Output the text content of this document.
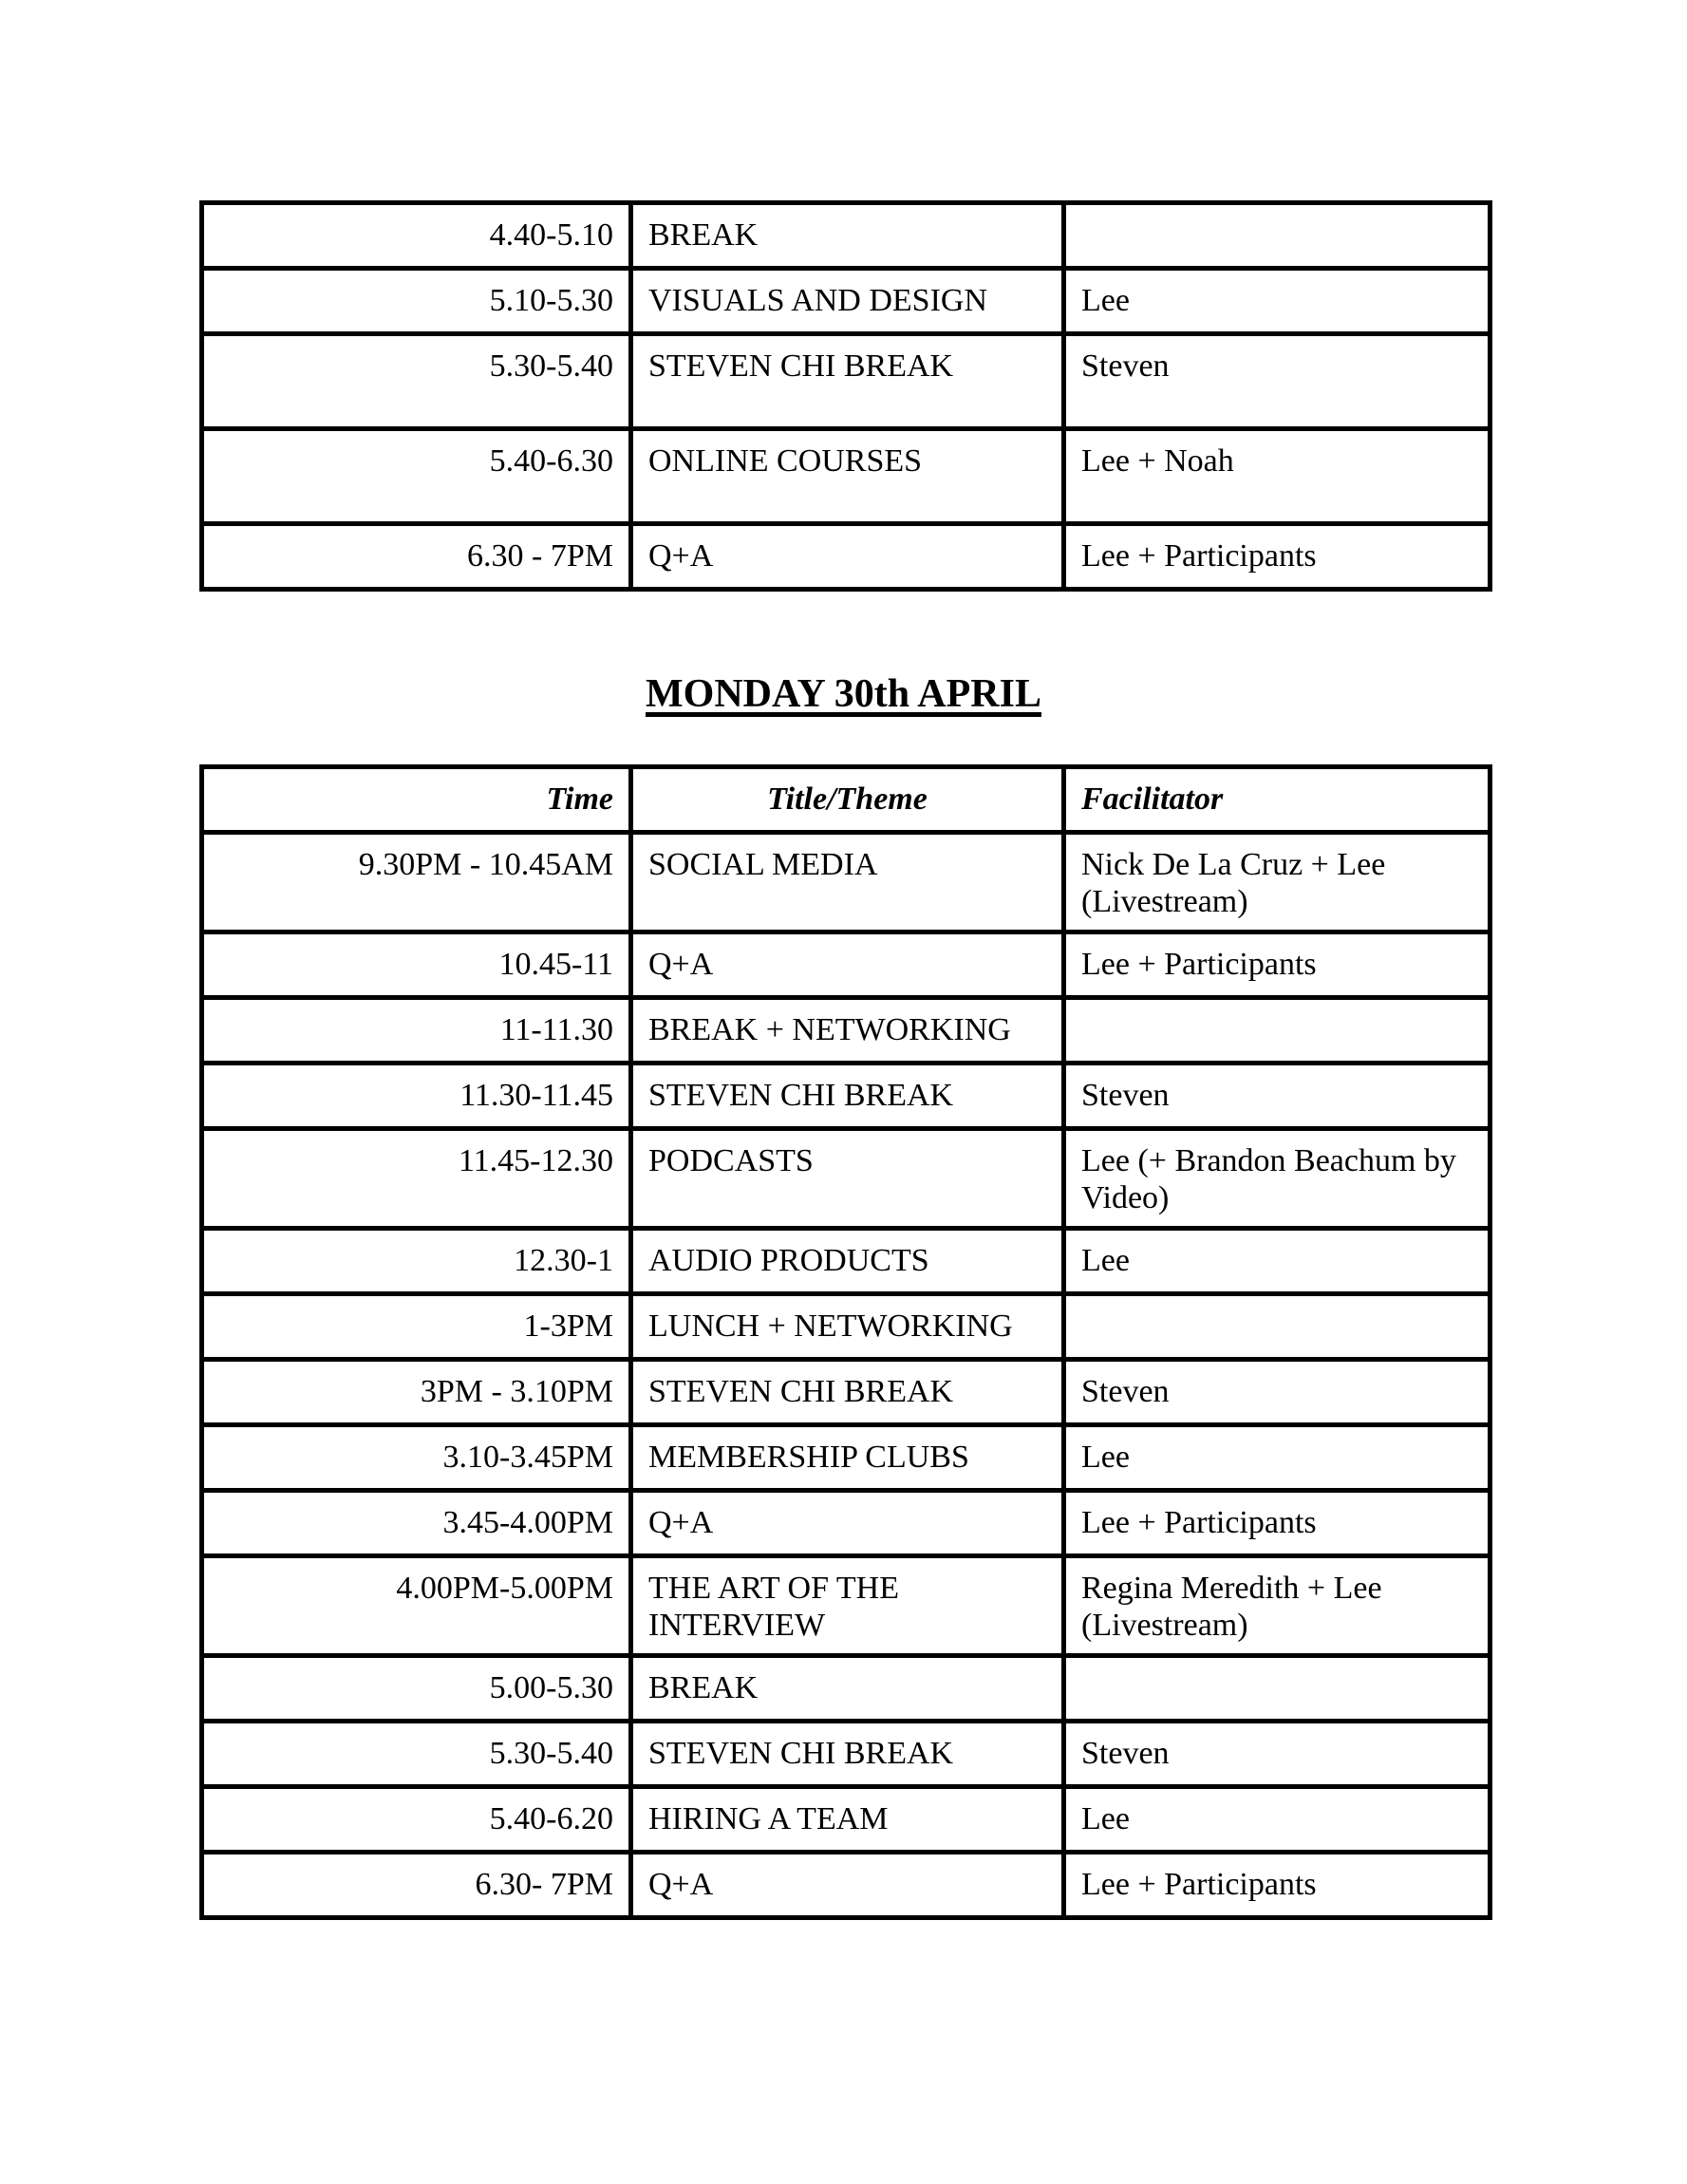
4.40-5.10	BREAK	
5.10-5.30	VISUALS AND DESIGN	Lee
5.30-5.40	STEVEN CHI BREAK	Steven
5.40-6.30	ONLINE COURSES	Lee + Noah
6.30 - 7PM	Q+A	Lee + Participants
MONDAY 30th APRIL
Time	Title/Theme	Facilitator
9.30PM - 10.45AM	SOCIAL MEDIA	Nick De La Cruz + Lee (Livestream)
10.45-11	Q+A	Lee + Participants
11-11.30	BREAK + NETWORKING	
11.30-11.45	STEVEN CHI BREAK	Steven
11.45-12.30	PODCASTS	Lee (+ Brandon Beachum by Video)
12.30-1	AUDIO PRODUCTS	Lee
1-3PM	LUNCH + NETWORKING	
3PM - 3.10PM	STEVEN CHI BREAK	Steven
3.10-3.45PM	MEMBERSHIP CLUBS	Lee
3.45-4.00PM	Q+A	Lee + Participants
4.00PM-5.00PM	THE ART OF THE INTERVIEW	Regina Meredith + Lee (Livestream)
5.00-5.30	BREAK	
5.30-5.40	STEVEN CHI BREAK	Steven
5.40-6.20	HIRING A TEAM	Lee
6.30- 7PM	Q+A	Lee + Participants
